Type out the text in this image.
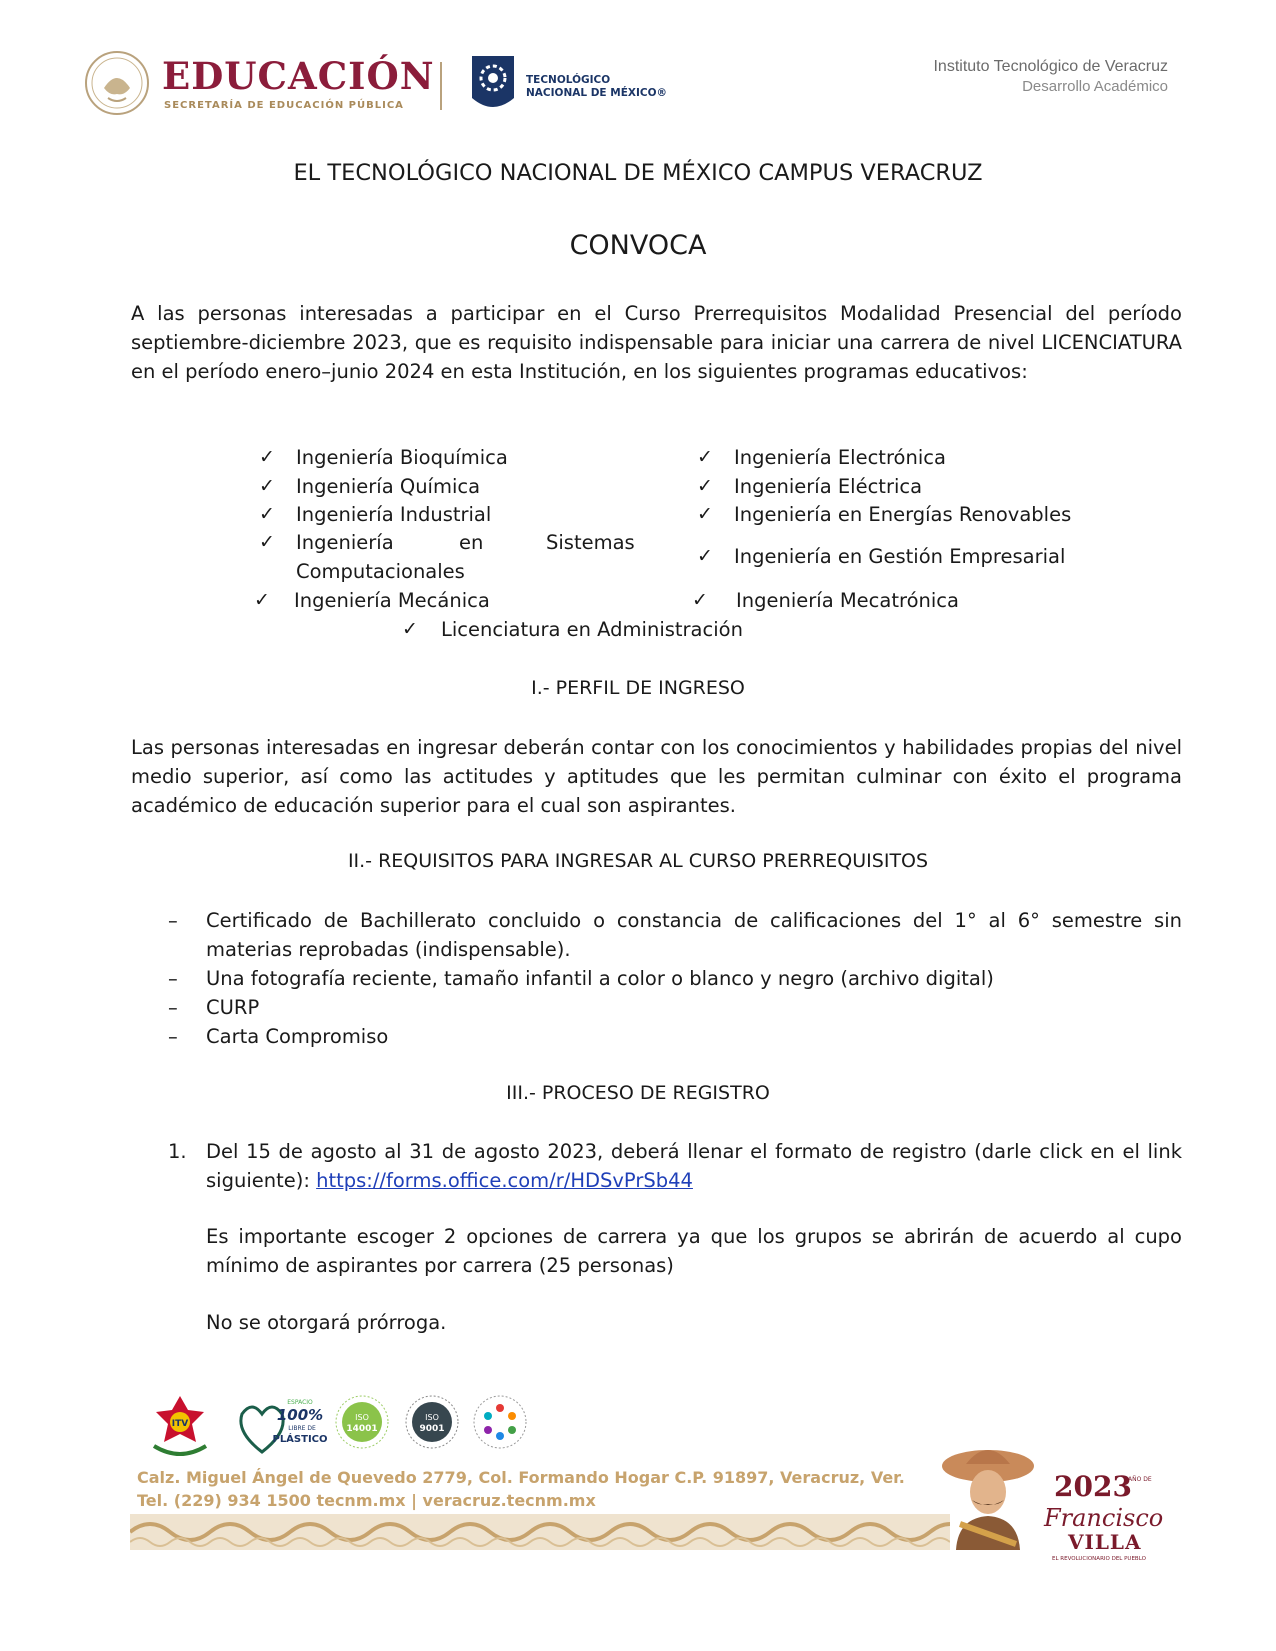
EDUCACIÓN
SECRETARÍA DE EDUCACIÓN PÚBLICA
TECNOLÓGICO
NACIONAL DE MÉXICO®
Instituto Tecnológico de Veracruz
Desarrollo Académico
EL TECNOLÓGICO NACIONAL DE MÉXICO CAMPUS VERACRUZ
CONVOCA
A las personas interesadas a participar en el Curso Prerrequisitos Modalidad Presencial del período septiembre-diciembre 2023, que es requisito indispensable para iniciar una carrera de nivel LICENCIATURA en el período enero–junio 2024 en esta Institución, en los siguientes programas educativos:
✓ Ingeniería Bioquímica
✓ Ingeniería Química
✓ Ingeniería Industrial
✓ Ingeniería	en	Sistemas
Computacionales
✓ Ingeniería Mecánica
✓ Ingeniería Electrónica
✓ Ingeniería Eléctrica
✓ Ingeniería en Energías Renovables
✓ Ingeniería en Gestión Empresarial
✓ Ingeniería Mecatrónica
✓ Licenciatura en Administración
I.- PERFIL DE INGRESO
Las personas interesadas en ingresar deberán contar con los conocimientos y habilidades propias del nivel medio superior, así como las actitudes y aptitudes que les permitan culminar con éxito el programa académico de educación superior para el cual son aspirantes.
II.- REQUISITOS PARA INGRESAR AL CURSO PRERREQUISITOS
– Certificado de Bachillerato concluido o constancia de calificaciones del 1° al 6° semestre sin materias reprobadas (indispensable).
– Una fotografía reciente, tamaño infantil a color o blanco y negro (archivo digital)
– CURP
– Carta Compromiso
III.- PROCESO DE REGISTRO
1. Del 15 de agosto al 31 de agosto 2023, deberá llenar el formato de registro (darle click en el link siguiente): https://forms.office.com/r/HDSvPrSb44
Es importante escoger 2 opciones de carrera ya que los grupos se abrirán de acuerdo al cupo mínimo de aspirantes por carrera (25 personas)
No se otorgará prórroga.
ITV
ESPACIO
100%
LIBRE DE
PLÁSTICO
ISO
14001
ISO
9001
Calz. Miguel Ángel de Quevedo 2779, Col. Formando Hogar C.P. 91897, Veracruz, Ver.
Tel. (229) 934 1500 tecnm.mx | veracruz.tecnm.mx	2023
AÑO DE
Francisco
VILLA
EL REVOLUCIONARIO DEL PUEBLO
